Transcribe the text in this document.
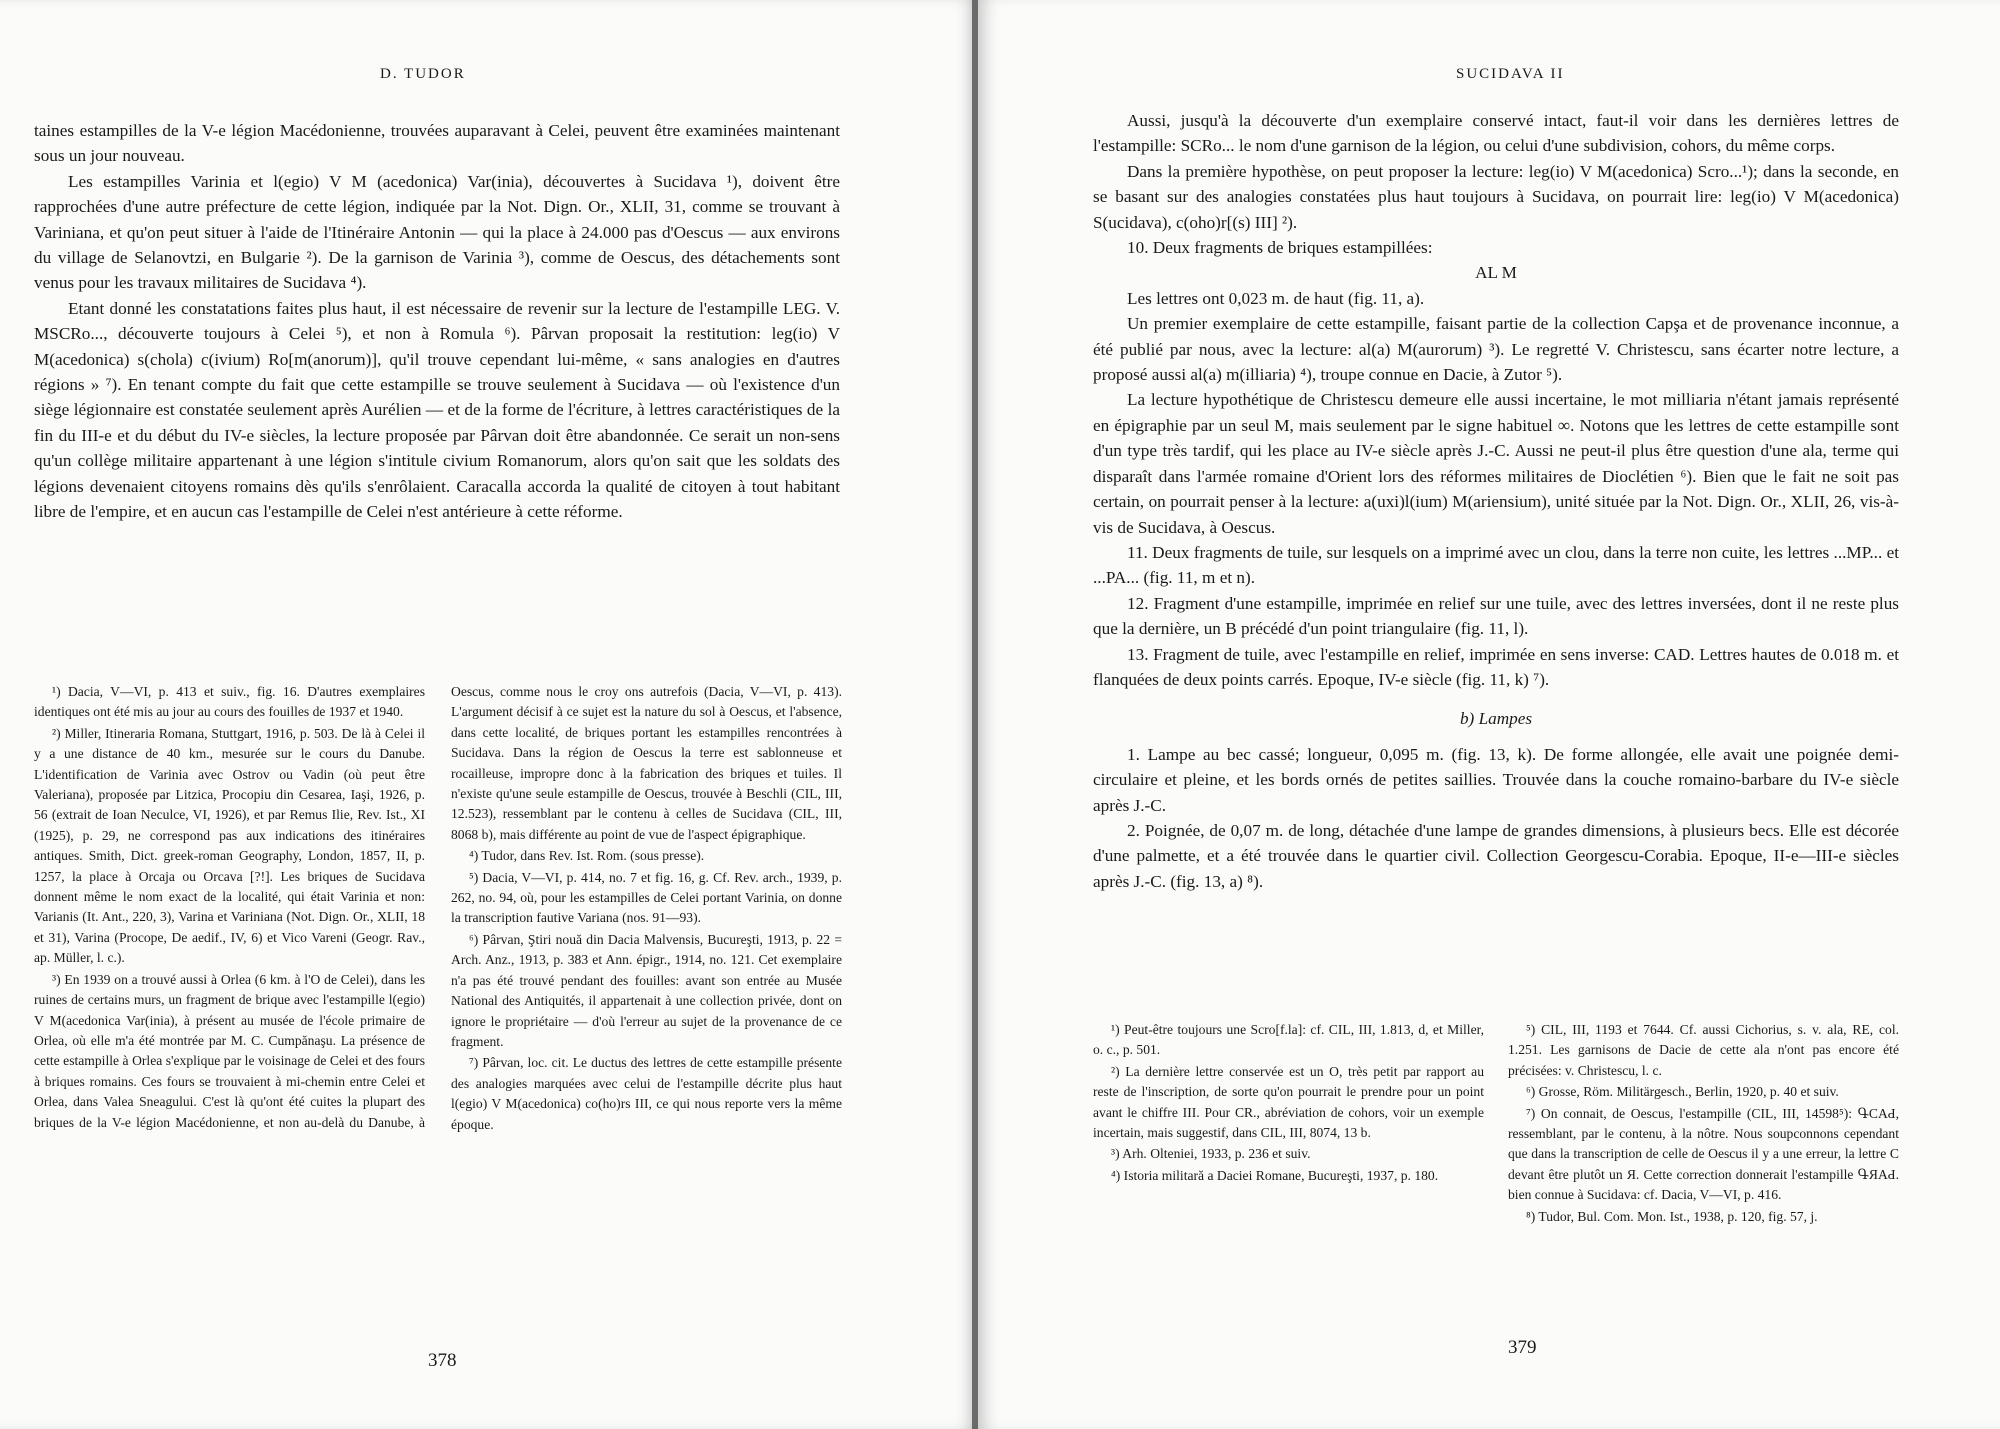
D. TUDOR

taines estampilles de la V-e légion Macédonienne, trouvées auparavant à Celei, peuvent être examinées maintenant sous un jour nouveau.

Les estampilles Varinia et l(egio) V M (acedonica) Var(inia), découvertes à Sucidava ¹), doivent être rapprochées d'une autre préfecture de cette légion, indiquée par la Not. Dign. Or., XLII, 31, comme se trouvant à Variniana, et qu'on peut situer à l'aide de l'Itinéraire Antonin — qui la place à 24.000 pas d'Oescus — aux environs du village de Selanovtzi, en Bulgarie ²). De la garnison de Varinia ³), comme de Oescus, des détachements sont venus pour les travaux militaires de Sucidava ⁴).

Etant donné les constatations faites plus haut, il est nécessaire de revenir sur la lecture de l'estampille LEG. V. MSCRo..., découverte toujours à Celei ⁵), et non à Romula ⁶). Pârvan proposait la restitution: leg(io) V M(acedonica) s(chola) c(ivium) Ro[m(anorum)], qu'il trouve cependant lui-même, « sans analogies en d'autres régions » ⁷). En tenant compte du fait que cette estampille se trouve seulement à Sucidava — où l'existence d'un siège légionnaire est constatée seulement après Aurélien — et de la forme de l'écriture, à lettres caractéristiques de la fin du III-e et du début du IV-e siècles, la lecture proposée par Pârvan doit être abandonnée. Ce serait un non-sens qu'un collège militaire appartenant à une légion s'intitule civium Romanorum, alors qu'on sait que les soldats des légions devenaient citoyens romains dès qu'ils s'enrôlaient. Caracalla accorda la qualité de citoyen à tout habitant libre de l'empire, et en aucun cas l'estampille de Celei n'est antérieure à cette réforme.

¹) Dacia, V—VI, p. 413 et suiv., fig. 16. D'autres exemplaires identiques ont été mis au jour au cours des fouilles de 1937 et 1940.

²) Miller, Itineraria Romana, Stuttgart, 1916, p. 503. De là à Celei il y a une distance de 40 km., mesurée sur le cours du Danube. L'identification de Varinia avec Ostrov ou Vadin (où peut être Valeriana), proposée par Litzica, Procopiu din Cesarea, Iaşi, 1926, p. 56 (extrait de Ioan Neculce, VI, 1926), et par Remus Ilie, Rev. Ist., XI (1925), p. 29, ne correspond pas aux indications des itinéraires antiques. Smith, Dict. greek-roman Geography, London, 1857, II, p. 1257, la place à Orcaja ou Orcava [?!]. Les briques de Sucidava donnent même le nom exact de la localité, qui était Varinia et non: Varianis (It. Ant., 220, 3), Varina et Variniana (Not. Dign. Or., XLII, 18 et 31), Varina (Procope, De aedif., IV, 6) et Vico Vareni (Geogr. Rav., ap. Müller, l. c.).

³) En 1939 on a trouvé aussi à Orlea (6 km. à l'O de Celei), dans les ruines de certains murs, un fragment de brique avec l'estampille l(egio) V M(acedonica Var(inia), à présent au musée de l'école primaire de Orlea, où elle m'a été montrée par M. C. Cumpănaşu. La présence de cette estampille à Orlea s'explique par le voisinage de Celei et des fours à briques romains. Ces fours se trouvaient à mi-chemin entre Celei et Orlea, dans Valea Sneagului. C'est là qu'ont été cuites la plupart des briques de la V-e légion Macédonienne, et non au-delà du Danube, à Oescus, comme nous le croy ons autrefois (Dacia, V—VI, p. 413). L'argument décisif à ce sujet est la nature du sol à Oescus, et l'absence, dans cette localité, de briques portant les estampilles rencontrées à Sucidava. Dans la région de Oescus la terre est sablonneuse et rocailleuse, impropre donc à la fabrication des briques et tuiles. Il n'existe qu'une seule estampille de Oescus, trouvée à Beschli (CIL, III, 12.523), ressemblant par le contenu à celles de Sucidava (CIL, III, 8068 b), mais différente au point de vue de l'aspect épigraphique.

⁴) Tudor, dans Rev. Ist. Rom. (sous presse).

⁵) Dacia, V—VI, p. 414, no. 7 et fig. 16, g. Cf. Rev. arch., 1939, p. 262, no. 94, où, pour les estampilles de Celei portant Varinia, on donne la transcription fautive Variana (nos. 91—93).

⁶) Pârvan, Ştiri nouă din Dacia Malvensis, Bucureşti, 1913, p. 22 = Arch. Anz., 1913, p. 383 et Ann. épigr., 1914, no. 121. Cet exemplaire n'a pas été trouvé pendant des fouilles: avant son entrée au Musée National des Antiquités, il appartenait à une collection privée, dont on ignore le propriétaire — d'où l'erreur au sujet de la provenance de ce fragment.

⁷) Pârvan, loc. cit. Le ductus des lettres de cette estampille présente des analogies marquées avec celui de l'estampille décrite plus haut l(egio) V M(acedonica) co(ho)rs III, ce qui nous reporte vers la même époque.

378
SUCIDAVA II

Aussi, jusqu'à la découverte d'un exemplaire conservé intact, faut-il voir dans les dernières lettres de l'estampille: SCRo... le nom d'une garnison de la légion, ou celui d'une subdivision, cohors, du même corps.

Dans la première hypothèse, on peut proposer la lecture: leg(io) V M(acedonica) Scro...¹); dans la seconde, en se basant sur des analogies constatées plus haut toujours à Sucidava, on pourrait lire: leg(io) V M(acedonica) S(ucidava), c(oho)r[(s) III] ²).

10. Deux fragments de briques estampillées:

AL M

Les lettres ont 0,023 m. de haut (fig. 11, a).

Un premier exemplaire de cette estampille, faisant partie de la collection Capşa et de provenance inconnue, a été publié par nous, avec la lecture: al(a) M(aurorum) ³). Le regretté V. Christescu, sans écarter notre lecture, a proposé aussi al(a) m(illiaria) ⁴), troupe connue en Dacie, à Zutor ⁵).

La lecture hypothétique de Christescu demeure elle aussi incertaine, le mot milliaria n'étant jamais représenté en épigraphie par un seul M, mais seulement par le signe habituel ∞. Notons que les lettres de cette estampille sont d'un type très tardif, qui les place au IV-e siècle après J.-C. Aussi ne peut-il plus être question d'une ala, terme qui disparaît dans l'armée romaine d'Orient lors des réformes militaires de Dioclétien ⁶). Bien que le fait ne soit pas certain, on pourrait penser à la lecture: a(uxi)l(ium) M(ariensium), unité située par la Not. Dign. Or., XLII, 26, vis-à-vis de Sucidava, à Oescus.

11. Deux fragments de tuile, sur lesquels on a imprimé avec un clou, dans la terre non cuite, les lettres ...MP... et ...PA... (fig. 11, m et n).

12. Fragment d'une estampille, imprimée en relief sur une tuile, avec des lettres inversées, dont il ne reste plus que la dernière, un B précédé d'un point triangulaire (fig. 11, l).

13. Fragment de tuile, avec l'estampille en relief, imprimée en sens inverse: CAD. Lettres hautes de 0.018 m. et flanquées de deux points carrés. Epoque, IV-e siècle (fig. 11, k) ⁷).

b) Lampes

1. Lampe au bec cassé; longueur, 0,095 m. (fig. 13, k). De forme allongée, elle avait une poignée demi-circulaire et pleine, et les bords ornés de petites saillies. Trouvée dans la couche romaino-barbare du IV-e siècle après J.-C.

2. Poignée, de 0,07 m. de long, détachée d'une lampe de grandes dimensions, à plusieurs becs. Elle est décorée d'une palmette, et a été trouvée dans le quartier civil. Collection Georgescu-Corabia. Epoque, II-e—III-e siècles après J.-C. (fig. 13, a) ⁸).

¹) Peut-être toujours une Scro[f.la]: cf. CIL, III, 1.813, d, et Miller, o. c., p. 501.

²) La dernière lettre conservée est un O, très petit par rapport au reste de l'inscription, de sorte qu'on pourrait le prendre pour un point avant le chiffre III. Pour CR., abréviation de cohors, voir un exemple incertain, mais suggestif, dans CIL, III, 8074, 13 b.

³) Arh. Olteniei, 1933, p. 236 et suiv.

⁴) Istoria militară a Daciei Romane, Bucureşti, 1937, p. 180.

⁵) CIL, III, 1193 et 7644. Cf. aussi Cichorius, s. v. ala, RE, col. 1.251. Les garnisons de Dacie de cette ala n'ont pas encore été précisées: v. Christescu, l. c.

⁶) Grosse, Röm. Militärgesch., Berlin, 1920, p. 40 et suiv.

⁷) On connait, de Oescus, l'estampille (CIL, III, 14598⁵): ԳCAԀ, ressemblant, par le contenu, à la nôtre. Nous soupconnons cependant que dans la transcription de celle de Oescus il y a une erreur, la lettre C devant être plutôt un Я. Cette correction donnerait l'estampille ԳЯAԀ. bien connue à Sucidava: cf. Dacia, V—VI, p. 416.

⁸) Tudor, Bul. Com. Mon. Ist., 1938, p. 120, fig. 57, j.

379
